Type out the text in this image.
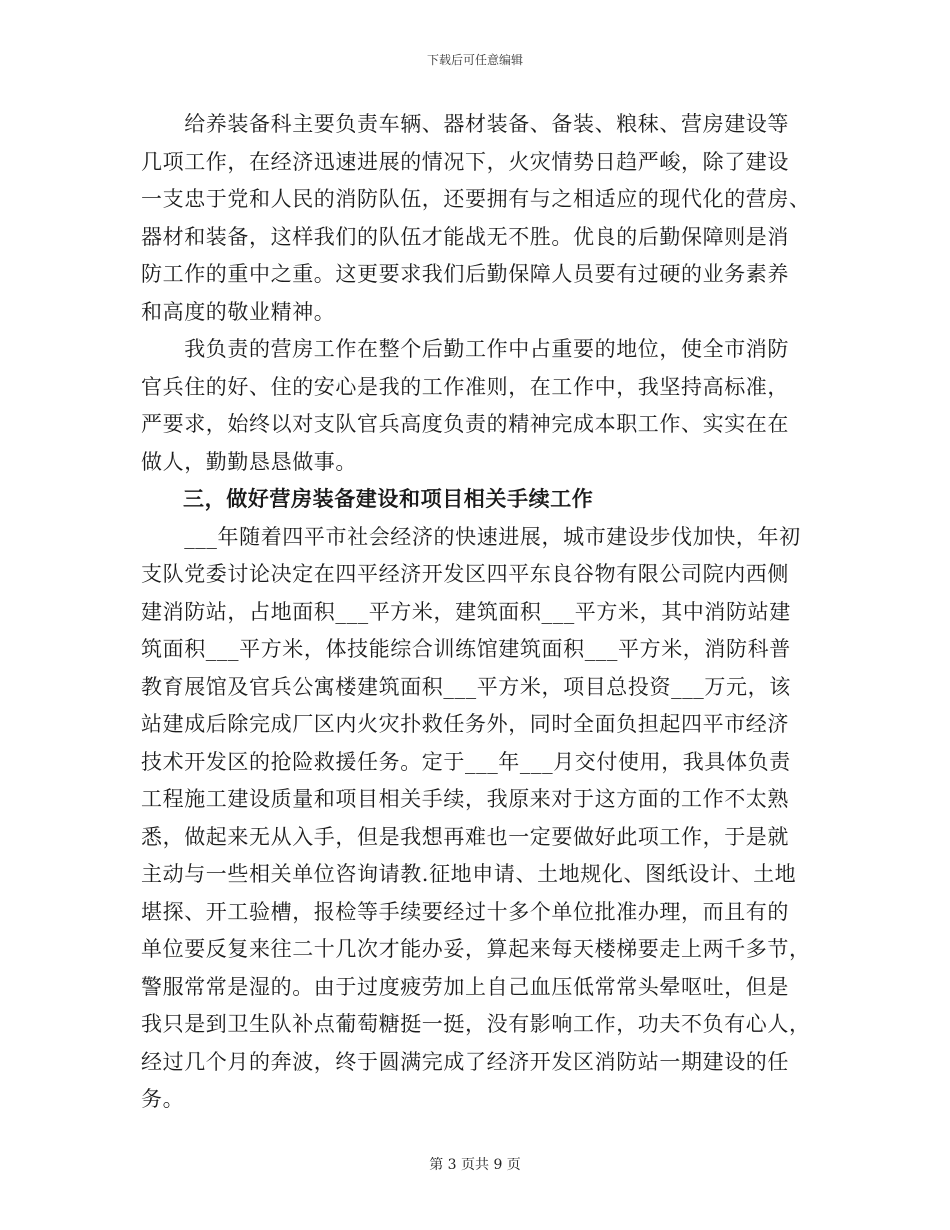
下载后可任意编辑

　　给养装备科主要负责车辆、器材装备、备装、粮秣、营房建设等
几项工作，在经济迅速进展的情况下，火灾情势日趋严峻，除了建设
一支忠于党和人民的消防队伍，还要拥有与之相适应的现代化的营房、
器材和装备，这样我们的队伍才能战无不胜。优良的后勤保障则是消
防工作的重中之重。这更要求我们后勤保障人员要有过硬的业务素养
和高度的敬业精神。

　　我负责的营房工作在整个后勤工作中占重要的地位，使全市消防
官兵住的好、住的安心是我的工作准则，在工作中，我坚持高标准，
严要求，始终以对支队官兵高度负责的精神完成本职工作、实实在在
做人，勤勤恳恳做事。

三，做好营房装备建设和项目相关手续工作

　　___年随着四平市社会经济的快速进展，城市建设步伐加快，年初
支队党委讨论决定在四平经济开发区四平东良谷物有限公司院内西侧
建消防站，占地面积___平方米，建筑面积___平方米，其中消防站建
筑面积___平方米，体技能综合训练馆建筑面积___平方米，消防科普
教育展馆及官兵公寓楼建筑面积___平方米，项目总投资___万元，该
站建成后除完成厂区内火灾扑救任务外，同时全面负担起四平市经济
技术开发区的抢险救援任务。定于___年___月交付使用，我具体负责
工程施工建设质量和项目相关手续，我原来对于这方面的工作不太熟
悉，做起来无从入手，但是我想再难也一定要做好此项工作，于是就
主动与一些相关单位咨询请教.征地申请、土地规化、图纸设计、土地
堪探、开工验槽，报检等手续要经过十多个单位批准办理，而且有的
单位要反复来往二十几次才能办妥，算起来每天楼梯要走上两千多节，
警服常常是湿的。由于过度疲劳加上自己血压低常常头晕呕吐，但是
我只是到卫生队补点葡萄糖挺一挺，没有影响工作，功夫不负有心人，
经过几个月的奔波，终于圆满完成了经济开发区消防站一期建设的任
务。

第 3 页共 9 页
